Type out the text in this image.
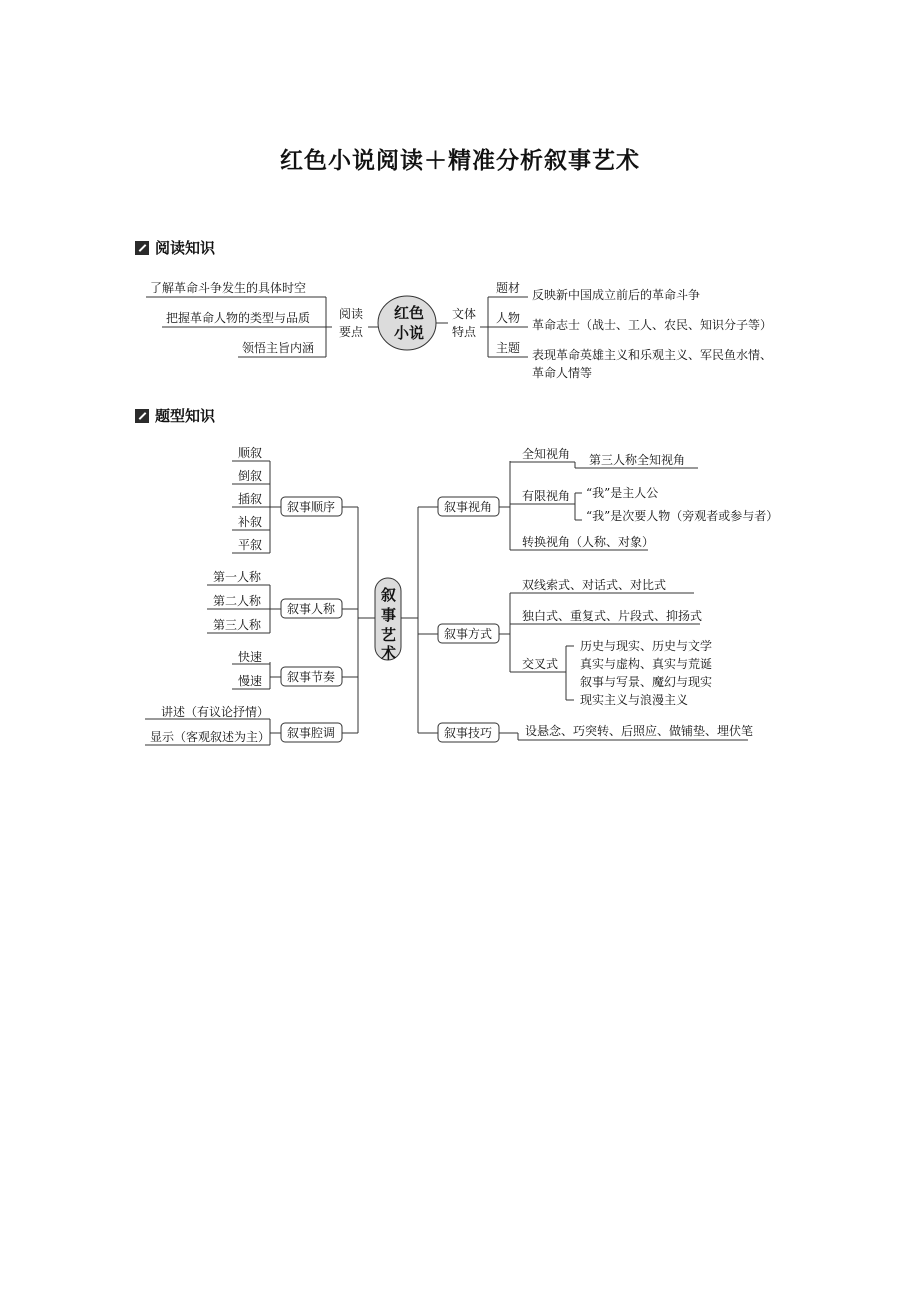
红色小说阅读＋精准分析叙事艺术
阅读知识
题型知识
了解革命斗争发生的具体时空
把握革命人物的类型与品质
领悟主旨内涵
阅读
要点
红色
小说
文体
特点
题材 反映新中国成立前后的革命斗争
人物 革命志士（战士、工人、农民、知识分子等）
主题 表现革命英雄主义和乐观主义、军民鱼水情、
革命人情等
叙
事
艺
术
叙事顺序
顺叙
倒叙
插叙
补叙
平叙
叙事人称
第一人称
第二人称
第三人称
叙事节奏
快速
慢速
叙事腔调
讲述（有议论抒情）
显示（客观叙述为主）
叙事视角
全知视角 第三人称全知视角
有限视角 “我”是主人公
“我”是次要人物（旁观者或参与者）
转换视角（人称、对象）
叙事方式
双线索式、对话式、对比式
独白式、重复式、片段式、抑扬式
交叉式
历史与现实、历史与文学
真实与虚构、真实与荒诞
叙事与写景、魔幻与现实
现实主义与浪漫主义
叙事技巧	设悬念、巧突转、后照应、做铺垫、埋伏笔
